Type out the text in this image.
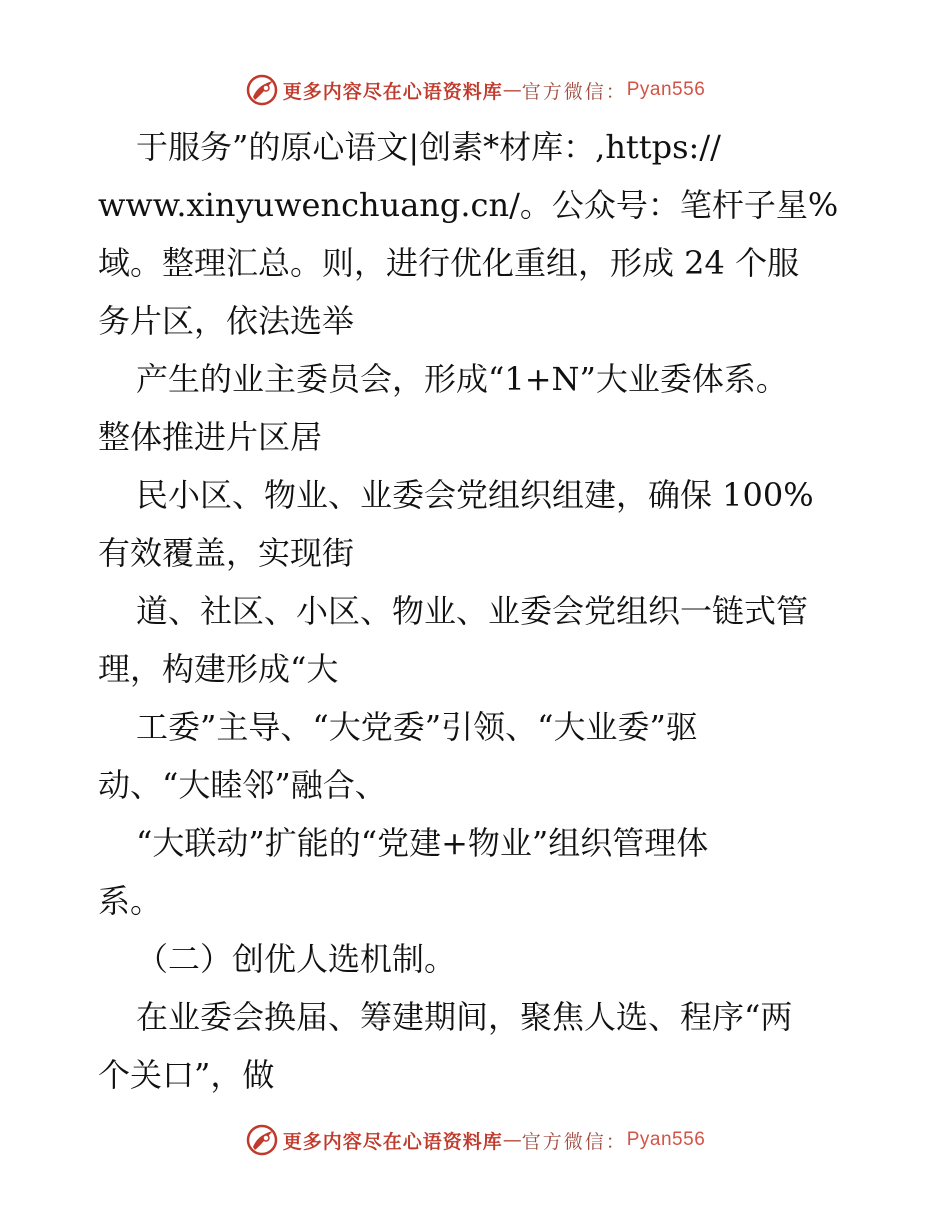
更多内容尽在心语资料库 — 官方微信： Pyan556
于服务”的原心语文|创素*材库：,https://
www.xinyuwenchuang.cn/。公众号：笔杆子星%
域。整理汇总。则，进行优化重组，形成 24 个服
务片区，依法选举
产生的业主委员会，形成“1+N”大业委体系。
整体推进片区居
民小区、物业、业委会党组织组建，确保 100%
有效覆盖，实现街
道、社区、小区、物业、业委会党组织一链式管
理，构建形成“大
工委”主导、“大党委”引领、“大业委”驱
动、“大睦邻”融合、
“大联动”扩能的“党建+物业”组织管理体
系。
（二）创优人选机制。
在业委会换届、筹建期间，聚焦人选、程序“两
个关口”，做
更多内容尽在心语资料库 — 官方微信： Pyan556
